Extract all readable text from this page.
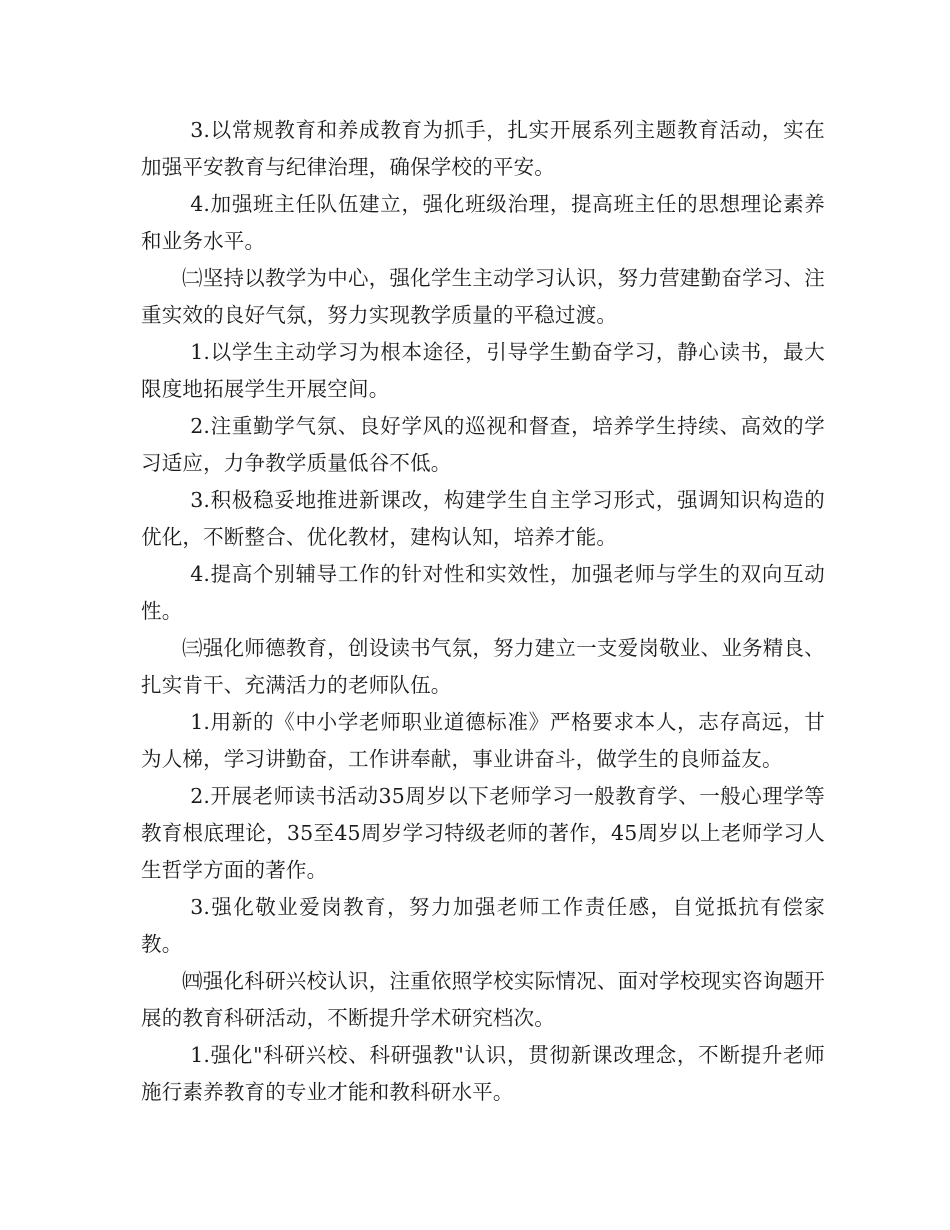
3.以常规教育和养成教育为抓手，扎实开展系列主题教育活动，实在加强平安教育与纪律治理，确保学校的平安。

4.加强班主任队伍建立，强化班级治理，提高班主任的思想理论素养和业务水平。

㈡坚持以教学为中心，强化学生主动学习认识，努力营建勤奋学习、注重实效的良好气氛，努力实现教学质量的平稳过渡。

1.以学生主动学习为根本途径，引导学生勤奋学习，静心读书，最大限度地拓展学生开展空间。

2.注重勤学气氛、良好学风的巡视和督查，培养学生持续、高效的学习适应，力争教学质量低谷不低。

3.积极稳妥地推进新课改，构建学生自主学习形式，强调知识构造的优化，不断整合、优化教材，建构认知，培养才能。

4.提高个别辅导工作的针对性和实效性，加强老师与学生的双向互动性。

㈢强化师德教育，创设读书气氛，努力建立一支爱岗敬业、业务精良、扎实肯干、充满活力的老师队伍。

1.用新的《中小学老师职业道德标准》严格要求本人，志存高远，甘为人梯，学习讲勤奋，工作讲奉献，事业讲奋斗，做学生的良师益友。

2.开展老师读书活动35周岁以下老师学习一般教育学、一般心理学等教育根底理论，35至45周岁学习特级老师的著作，45周岁以上老师学习人生哲学方面的著作。

3.强化敬业爱岗教育，努力加强老师工作责任感，自觉抵抗有偿家教。

㈣强化科研兴校认识，注重依照学校实际情况、面对学校现实咨询题开展的教育科研活动，不断提升学术研究档次。

1.强化"科研兴校、科研强教"认识，贯彻新课改理念，不断提升老师施行素养教育的专业才能和教科研水平。
